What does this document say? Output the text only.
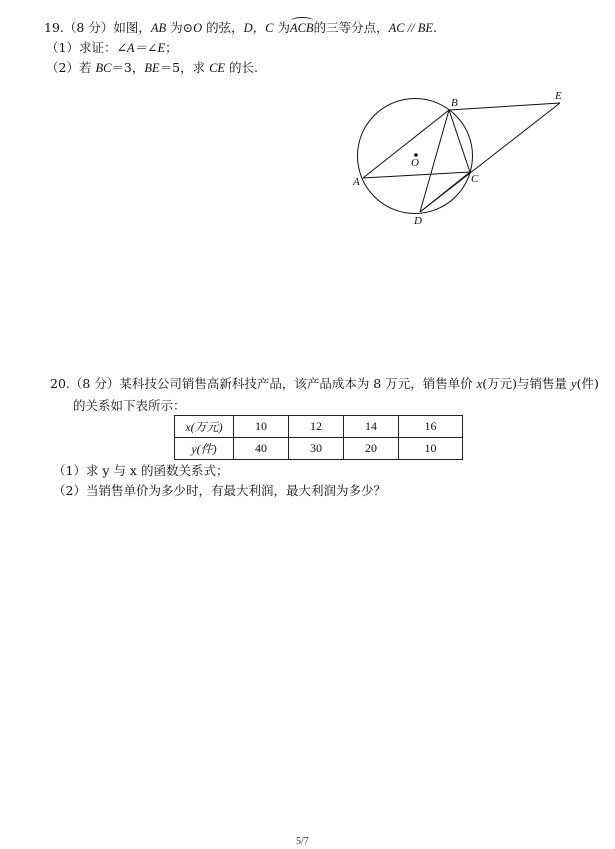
19.（8 分）如图，AB 为⊙O 的弦，D，C 为ACB的三等分点，AC // BE.
（1）求证：∠A＝∠E；
（2）若 BC＝3，BE＝5，求 CE 的长.
B
A	C
D
E
O
20.（8 分）某科技公司销售高新科技产品，该产品成本为 8 万元，销售单价 x(万元)与销售量 y(件)
的关系如下表所示：
x(万元)	10	12	14	16
y(件)	40	30	20	10
（1）求 y 与 x 的函数关系式；
（2）当销售单价为多少时，有最大利润，最大利润为多少？
5/7
